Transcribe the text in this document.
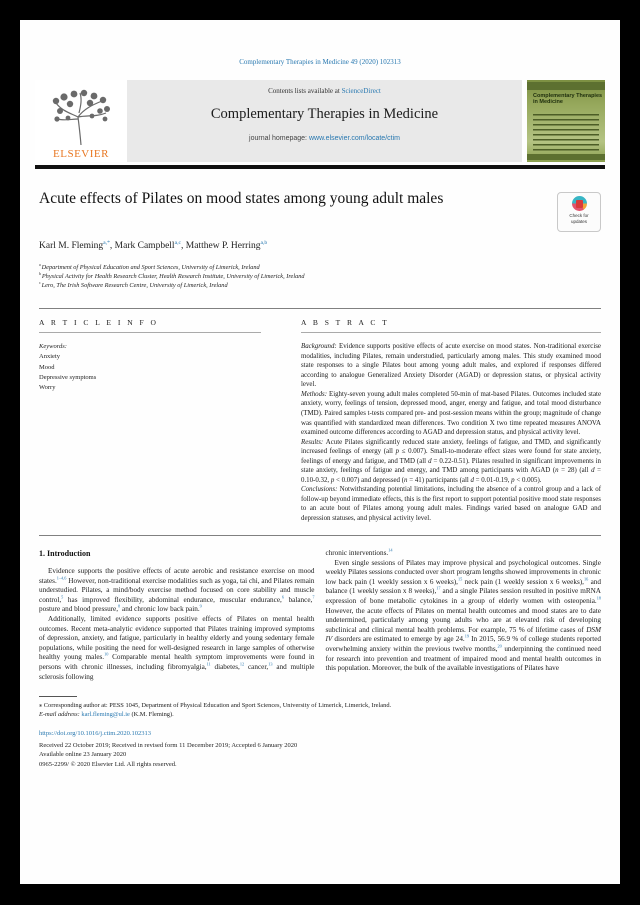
Complementary Therapies in Medicine 49 (2020) 102313
ELSEVIER
Contents lists available at ScienceDirect
Complementary Therapies in Medicine
journal homepage: www.elsevier.com/locate/ctim
Complementary Therapies in Medicine
Acute effects of Pilates on mood states among young adult males
Check for
updates
Karl M. Fleming$^{a,*}$, Mark Campbell$^{a,c}$, Matthew P. Herring$^{a,b}$
$^a$ Department of Physical Education and Sport Sciences, University of Limerick, Ireland
$^b$ Physical Activity for Health Research Cluster, Health Research Institute, University of Limerick, Ireland
$^c$ Lero, The Irish Software Research Centre, University of Limerick, Ireland
A R T I C L E I N F O
Keywords:
Anxiety
Mood
Depressive symptoms
Worry
A B S T R A C T

Background: Evidence supports positive effects of acute exercise on mood states. Non-traditional exercise modalities, including Pilates, remain understudied, particularly among males. This study examined mood state responses to a single Pilates bout among young adult males, and explored if responses differed according to analogue Generalized Anxiety Disorder (AGAD) or depression status, or physical activity level.

Methods: Eighty-seven young adult males completed 50-min of mat-based Pilates. Outcomes included state anxiety, worry, feelings of tension, depressed mood, anger, energy and fatigue, and total mood disturbance (TMD). Paired samples t-tests compared pre- and post-session means within the group; magnitude of change was quantified with standardized mean differences. Two condition X two time repeated measures ANOVA examined outcome differences according to AGAD and depression status, and physical activity level.

Results: Acute Pilates significantly reduced state anxiety, feelings of fatigue, and TMD, and significantly increased feelings of energy (all p ≤ 0.007). Small-to-moderate effect sizes were found for state anxiety, feelings of energy and fatigue, and TMD (all d = 0.22-0.51). Pilates resulted in significant improvements in state anxiety, feelings of fatigue and energy, and TMD among participants with AGAD (n = 28) (all d = 0.10-0.32, p < 0.007) and depressed (n = 41) participants (all d = 0.01-0.19, p < 0.005).

Conclusions: Notwithstanding potential limitations, including the absence of a control group and a lack of follow-up beyond immediate effects, this is the first report to support potential positive mood state responses to an acute bout of Pilates among young adult males. Findings varied based on analogue GAD and depression statuses, and physical activity level.

1. Introduction

Evidence supports the positive effects of acute aerobic and resistance exercise on mood states.$^{1-4,6}$ However, non-traditional exercise modalities such as yoga, tai chi, and Pilates remain understudied. Pilates, a mind/body exercise method focused on core stability and muscle control,$^5$ has improved flexibility, abdominal endurance, muscular endurance,$^6$ balance,$^7$ posture and blood pressure,$^8$ and chronic low back pain.$^9$

Additionally, limited evidence supports positive effects of Pilates on mental health outcomes. Recent meta-analytic evidence supported that Pilates training improved symptoms of depression, anxiety, and fatigue, particularly in healthy elderly and young sedentary female populations, while positing the need for well-designed research in large samples of otherwise healthy young males.$^{10}$ Comparable mental health symptom improvements were found in persons with chronic illnesses, including fibromyalgia,$^{11}$ diabetes,$^{12}$ cancer,$^{13}$ and multiple sclerosis following

chronic interventions.$^{14}$

Even single sessions of Pilates may improve physical and psychological outcomes. Single weekly Pilates sessions conducted over short program lengths showed improvements in chronic low back pain (1 weekly session x 6 weeks),$^{15}$ neck pain (1 weekly session x 6 weeks),$^{16}$ and balance (1 weekly session x 8 weeks),$^{17}$ and a single Pilates session resulted in positive mRNA expression of bone metabolic cytokines in a group of elderly women with osteopenia.$^{18}$ However, the acute effects of Pilates on mental health outcomes and mood states are to date undetermined, particularly among young adults who are at elevated risk of developing subclinical and clinical mental health problems. For example, 75 % of lifetime cases of DSM IV disorders are estimated to emerge by age 24.19 In 2015, 56.9 % of college students reported overwhelming anxiety within the previous twelve months,$^{20}$ underpinning the continued need for research into prevention and treatment of impaired mood and mental health outcomes in this population. Moreover, the bulk of the available investigations of Pilates have

⁎ Corresponding author at: PESS 1045, Department of Physical Education and Sport Sciences, University of Limerick, Limerick, Ireland.
E-mail address: karl.fleming@ul.ie (K.M. Fleming).
https://doi.org/10.1016/j.ctim.2020.102313
Received 22 October 2019; Received in revised form 11 December 2019; Accepted 6 January 2020
Available online 23 January 2020
0965-2299/ © 2020 Elsevier Ltd. All rights reserved.
